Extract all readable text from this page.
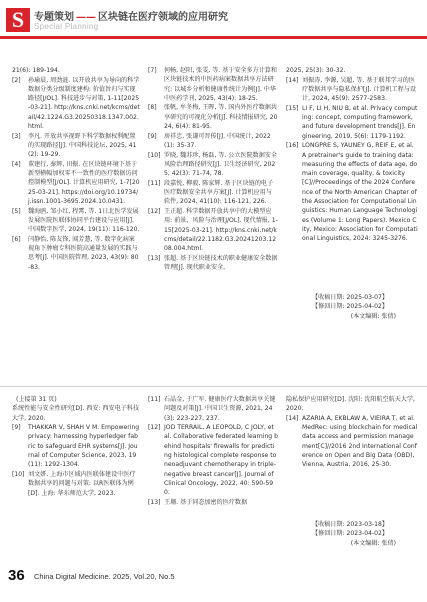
S 专题策划 —— 区块链在医疗领域的应用研究
Special Planning
21(6): 189-194.
[2] 孙瑜晨, 周劲涟. 以开放共享为导向的科学数据分类分级制度建构: 价值旨归与实现路径[J/OL]. 科技进步与对策, 1-11[2025-03-21]. http://kns.cnki.net/kcms/detail/42.1224.G3.20250318.1347.002.html.
[3] 李凡. 开放共享视野下科学数据权利配置的实现路径[J]. 中国科技论坛, 2025, 41(2): 19-29.
[4] 董建行, 秦辉, 田振. 在区块链环境下基于新型横幅加权零不一致性的医疗数据访问控制模型[J/OL]. 计算机应用研究, 1-7[2025-03-21]. https://doi.org/10.19734/j.issn.1001-3695.2024.10.0431.
[5] 魏海鸥, 邹小红, 程霄, 等. 1日北医学发展发展医院医联体协同平台建设与应用[J]. 中国数字医学, 2024, 19(11): 116-120.
[6] 闫静怡, 陈友锋, 闻芳慧, 等. 数字化病案视角下肿瘤专科医院高通量发展的实践与思考[J]. 中国医院管理, 2023, 43(9): 80-83.
[7] 何畅, 赵阳, 张雯, 等. 基于安全多方计算和区块链技术的中医药病案数据共享方法研究: 以城乡分析和健康性统计为例[J]. 中华中医药学刊, 2025, 43(4): 18-25.
[8] 张帆, 牟冬梅, 王晖, 等. 国内外医疗数据共享研究的可视化分析[J]. 科技情报研究, 2024, 6(4): 81-95.
[9] 房祥忠, 张谦可晋传[J]. 中国统计, 2022(1): 35-37.
[10] 罗晓, 魏苏珍, 杨磊, 等. 公立医院数据安全风险治理路径研究[J]. 卫生经济研究, 2025, 42(3): 71-74, 78.
[11] 段嘉悦, 柳毅, 陈家辉. 基于区块链的电子医疗数据安全共享方案[J]. 计算机应用与软件, 2024, 41(10): 116-121, 226.
[12] 王正超. 科学数据开放共享中的大模型应用: 前景、风险与治理[J/OL]. 现代情报, 1-15[2025-03-21]. http://kns.cnki.net/kcms/detail/22.1182.G3.20241203.1208.004.html.
[13] 张超. 基于区块链技术的职业健康安全数据管理[J]. 现代职业安全,
2025, 25(3): 30-32.
[14] 刘振涛, 李源, 吴超, 等. 基于联邦学习的医疗数据共享与隐私保护[J]. 计算机工程与设计, 2024, 45(9): 2577-2583.
[15] LI F, LI H, NIU B, et al. Privacy computing: concept, computing framework, and future development trends[J]. Engineering, 2019, 5(6): 1179-1192.
[16] LONGPRE S, YAUNEY G, REIF E, et al. A pretrainer's guide to training data: measuring the effects of data age, domain coverage, quality, & toxicity[C]//Proceedings of the 2024 Conference of the North American Chapter of the Association for Computational Linguistics: Human Language Technologies (Volume 1: Long Papers). Mexico City, Mexico: Association for Computational Linguistics, 2024: 3245-3276.
【收稿日期: 2025-03-07】
【修回日期: 2025-04-02】
(本文编辑: 张倩)
(上接第 31 页)
系统性能与安全性研究[D]. 西安: 西安电子科技大学, 2020.
[9] THAKKAR V, SHAH V M. Empowering privacy: harnessing hyperledger fabric to safeguard EHR systems[J]. Journal of Computer Science, 2023, 19(11): 1292-1304.
[10] 刘文妍. 上海市区域内医联体建设中医疗数据共享的问题与对策: 以R医联体为例[D]. 上海: 华东师范大学, 2023.
[11] 石晶金, 于广军. 健康医疗大数据共享关键问题及对策[J]. 中国卫生资源, 2021, 24(3): 223-227, 237.
[12] JOD TERRAIL, A LEOPOLD, C JOLY, et al. Collaborative federated learning behind hospitals' firewalls for predicting histological complete response to neoadjuvant chemotherapy in triple-negative breast cancer[J]. Journal of Clinical Oncology, 2022, 40: 590-590.
[13] 王珊. 基于同态加密的医疗数据
隐私保护应用研究[D]. 沈阳: 沈阳航空航天大学, 2020.
[14] AZARIA A, EKBLAW A, VIEIRA T, et al. MedRec: using blockchain for medical data access and permission management[C]//2016 2nd International Conference on Open and Big Data (OBD), Vienna, Austria, 2016, 25-30.
【收稿日期: 2023-03-18】
【修回日期: 2023-04-02】
(本文编辑: 张倩)
36 China Digital Medicine. 2025, Vol.20, No.5
